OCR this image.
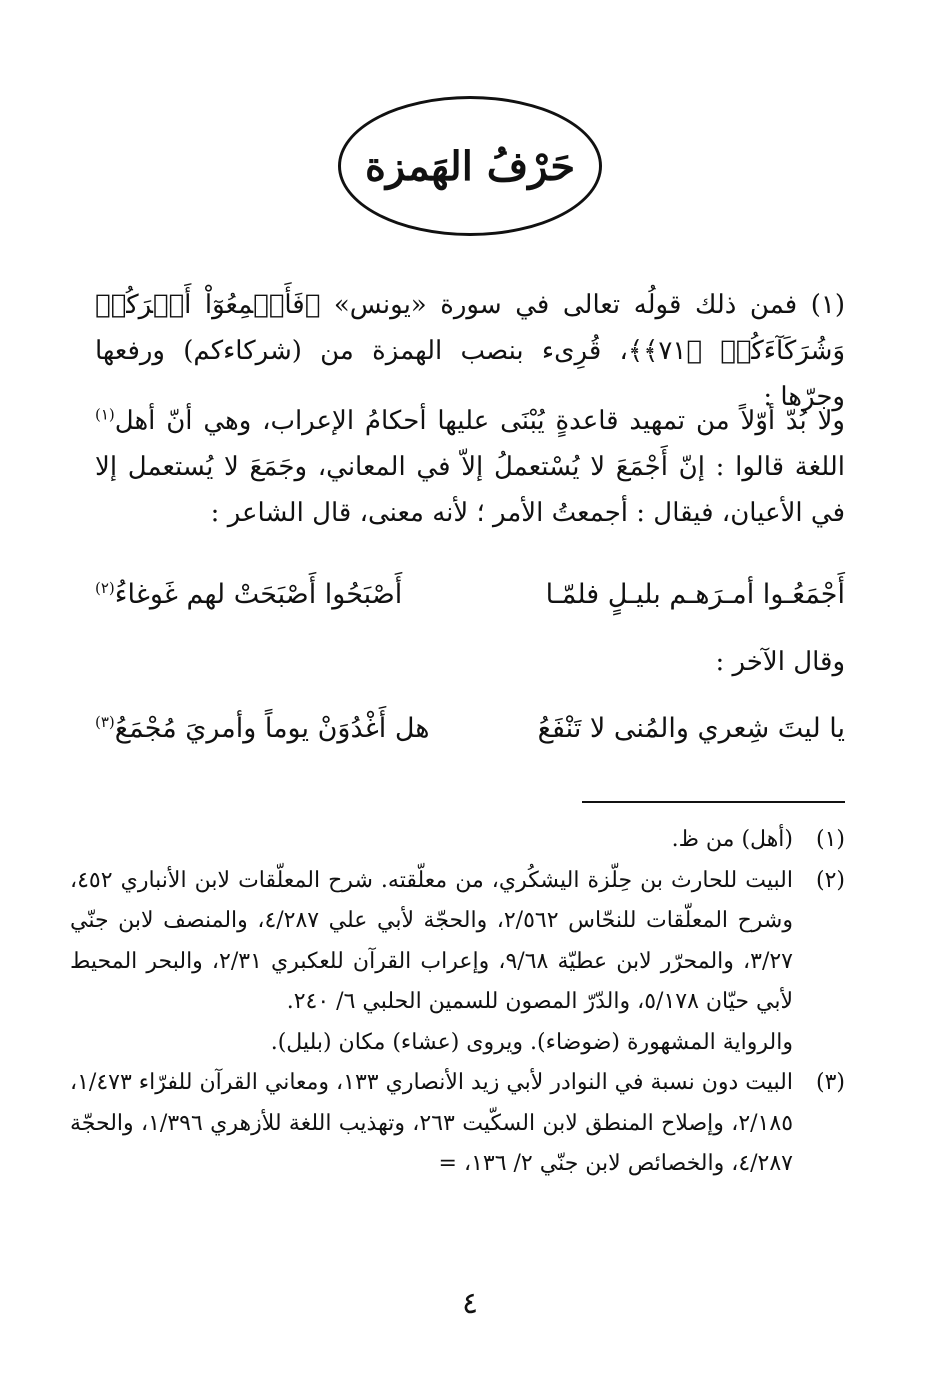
حَرْفُ الهَمزة
(١) فمن ذلك قولُه تعالى في سورة «يونس» ﴿فَأَجۡمِعُوٓاْ أَمۡرَكُمۡ وَشُرَكَآءَكُمۡ ﴿٧١﴾﴾، قُرِىء بنصب الهمزة من (شركاءكم) ورفعها وجرّها :
ولا بُدّ أوّلاً من تمهيد قاعدةٍ يُبْنَى عليها أحكامُ الإعراب، وهي أنّ أهل$^{(١)}$ اللغة قالوا : إنّ أَجْمَعَ لا يُسْتعملُ إلاّ في المعاني، وجَمَعَ لا يُستعمل إلا في الأعيان، فيقال : أجمعتُ الأمر ؛ لأنه معنى، قال الشاعر :
أَجْمَعُـوا أمـرَهـم بليـلٍ فلمّـا
أَصْبَحُوا أَصْبَحَتْ لهم غَوغاءُ$^{(٢)}$
وقال الآخر :
يا ليتَ شِعري والمُنى لا تَنْفَعُ
هل أَغْدُوَنْ يوماً وأمريَ مُجْمَعُ$^{(٣)}$
(١)
(أهل) من ظ.
(٢)
البيت للحارث بن حِلّزة اليشكُري، من معلّقته. شرح المعلّقات لابن الأنباري ٤٥٢، وشرح المعلّقات للنحّاس ٢/٥٦٢، والحجّة لأبي علي ٤/٢٨٧، والمنصف لابن جنّي ٣/٢٧، والمحرّر لابن عطيّة ٩/٦٨، وإعراب القرآن للعكبري ٢/٣١، والبحر المحيط لأبي حيّان ٥/١٧٨، والدّرّ المصون للسمين الحلبي ٦/ ٢٤٠.
والرواية المشهورة (ضوضاء). ويروى (عشاء) مكان (بليل).
(٣)
البيت دون نسبة في النوادر لأبي زيد الأنصاري ١٣٣، ومعاني القرآن للفرّاء ١/٤٧٣، ٢/١٨٥، وإصلاح المنطق لابن السكّيت ٢٦٣، وتهذيب اللغة للأزهري ١/٣٩٦، والحجّة ٤/٢٨٧، والخصائص لابن جنّي ٢/ ١٣٦، =
٤
